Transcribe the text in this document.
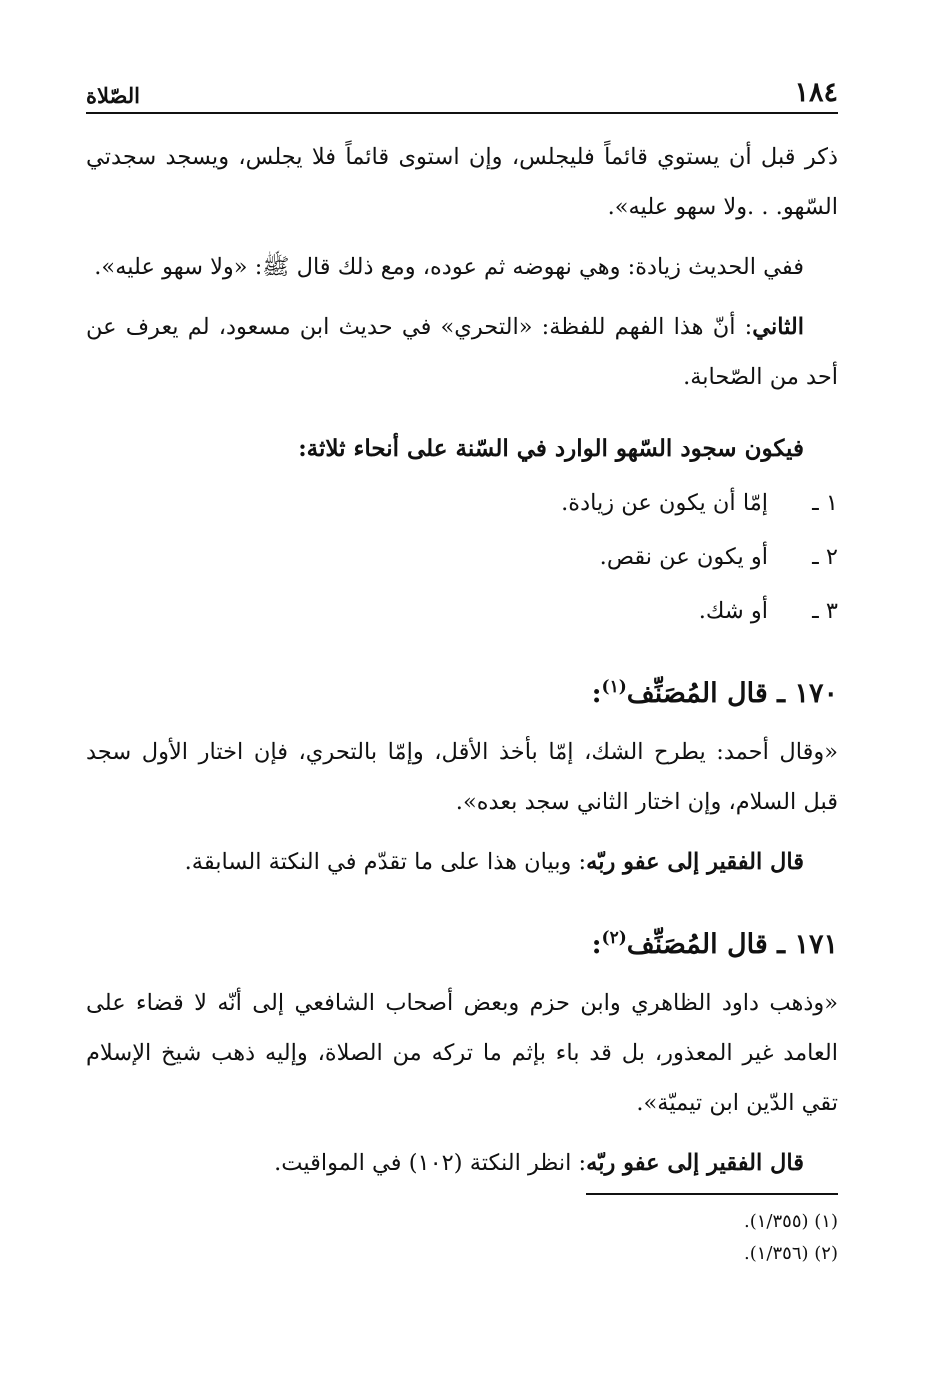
١٨٤
الصّلاة

ذكر قبل أن يستوي قائماً فليجلس، وإن استوى قائماً فلا يجلس، ويسجد سجدتي السّهو. . .ولا سهو عليه».

ففي الحديث زيادة: وهي نهوضه ثم عوده، ومع ذلك قال ﷺ: «ولا سهو عليه».

الثاني: أنّ هذا الفهم للفظة: «التحري» في حديث ابن مسعود، لم يعرف عن أحد من الصّحابة.

فيكون سجود السّهو الوارد في السّنة على أنحاء ثلاثة:

١ ـ
إمّا أن يكون عن زيادة.
٢ ـ
أو يكون عن نقص.
٣ ـ
أو شك.
١٧٠ ـ قال المُصَنِّف$^{(١)}$:

«وقال أحمد: يطرح الشك، إمّا بأخذ الأقل، وإمّا بالتحري، فإن اختار الأول سجد قبل السلام، وإن اختار الثاني سجد بعده».

قال الفقير إلى عفو ربّه: وبيان هذا على ما تقدّم في النكتة السابقة.

١٧١ ـ قال المُصَنِّف$^{(٢)}$:

«وذهب داود الظاهري وابن حزم وبعض أصحاب الشافعي إلى أنّه لا قضاء على العامد غير المعذور، بل قد باء بإثم ما تركه من الصلاة، وإليه ذهب شيخ الإسلام تقي الدّين ابن تيميّة».

قال الفقير إلى عفو ربّه: انظر النكتة (١٠٢) في المواقيت.

(١) (١/٣٥٥).
(٢) (١/٣٥٦).
